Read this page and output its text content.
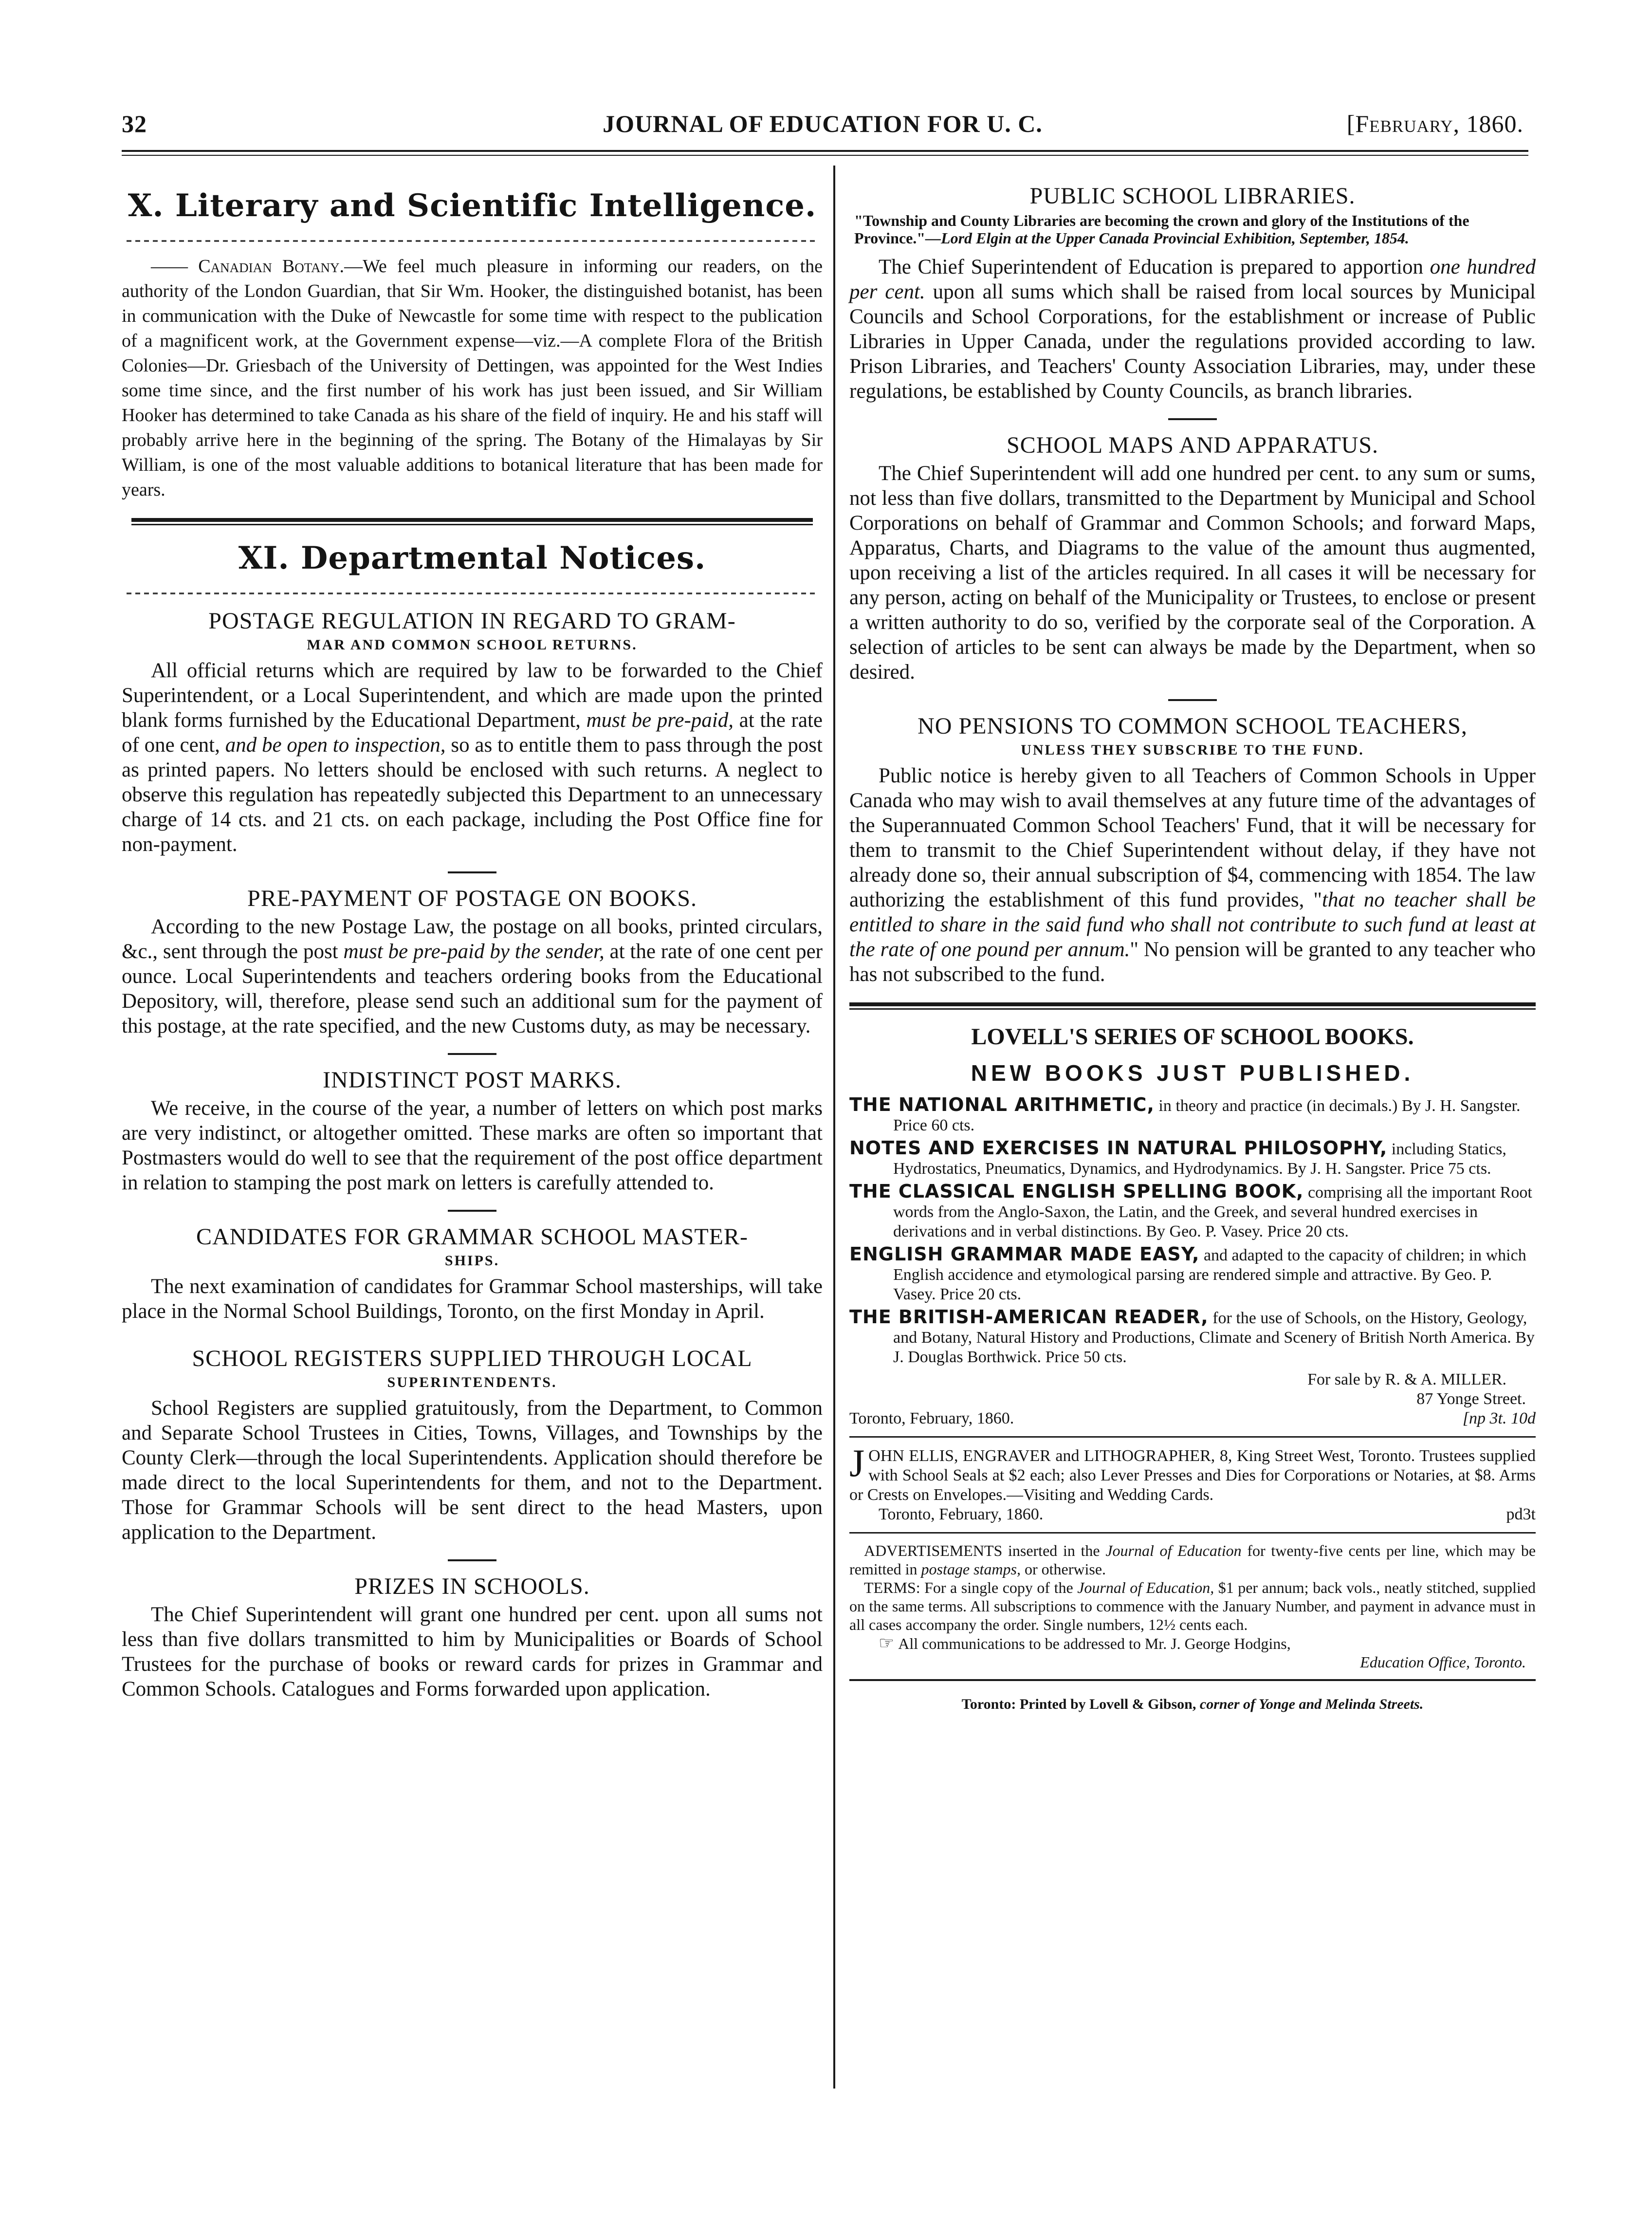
32	JOURNAL OF EDUCATION FOR U. C.	[February, 1860.
X. Literary and Scientific Intelligence.

—— Canadian Botany.—We feel much pleasure in informing our readers, on the authority of the London Guardian, that Sir Wm. Hooker, the distinguished botanist, has been in communication with the Duke of Newcastle for some time with respect to the publication of a magnificent work, at the Government expense—viz.—A complete Flora of the British Colonies—Dr. Griesbach of the University of Dettingen, was appointed for the West Indies some time since, and the first number of his work has just been issued, and Sir William Hooker has determined to take Canada as his share of the field of inquiry. He and his staff will probably arrive here in the beginning of the spring. The Botany of the Himalayas by Sir William, is one of the most valuable additions to botanical literature that has been made for years.

XI. Departmental Notices.
POSTAGE REGULATION IN REGARD TO GRAM-
MAR AND COMMON SCHOOL RETURNS.

All official returns which are required by law to be forwarded to the Chief Superintendent, or a Local Superintendent, and which are made upon the printed blank forms furnished by the Educational Department, must be pre-paid, at the rate of one cent, and be open to inspection, so as to entitle them to pass through the post as printed papers. No letters should be enclosed with such returns. A neglect to observe this regulation has repeatedly subjected this Department to an unnecessary charge of 14 cts. and 21 cts. on each package, including the Post Office fine for non-payment.

PRE-PAYMENT OF POSTAGE ON BOOKS.

According to the new Postage Law, the postage on all books, printed circulars, &c., sent through the post must be pre-paid by the sender, at the rate of one cent per ounce. Local Superintendents and teachers ordering books from the Educational Depository, will, therefore, please send such an additional sum for the payment of this postage, at the rate specified, and the new Customs duty, as may be necessary.

INDISTINCT POST MARKS.

We receive, in the course of the year, a number of letters on which post marks are very indistinct, or altogether omitted. These marks are often so important that Postmasters would do well to see that the requirement of the post office department in relation to stamping the post mark on letters is carefully attended to.

CANDIDATES FOR GRAMMAR SCHOOL MASTER-
SHIPS.

The next examination of candidates for Grammar School masterships, will take place in the Normal School Buildings, Toronto, on the first Monday in April.

SCHOOL REGISTERS SUPPLIED THROUGH LOCAL
SUPERINTENDENTS.

School Registers are supplied gratuitously, from the Department, to Common and Separate School Trustees in Cities, Towns, Villages, and Townships by the County Clerk—through the local Superintendents. Application should therefore be made direct to the local Superintendents for them, and not to the Department. Those for Grammar Schools will be sent direct to the head Masters, upon application to the Department.

PRIZES IN SCHOOLS.

The Chief Superintendent will grant one hundred per cent. upon all sums not less than five dollars transmitted to him by Municipalities or Boards of School Trustees for the purchase of books or reward cards for prizes in Grammar and Common Schools. Catalogues and Forms forwarded upon application.

PUBLIC SCHOOL LIBRARIES.

"Township and County Libraries are becoming the crown and glory of the Institutions of the Province."—Lord Elgin at the Upper Canada Provincial Exhibition, September, 1854.

The Chief Superintendent of Education is prepared to apportion one hundred per cent. upon all sums which shall be raised from local sources by Municipal Councils and School Corporations, for the establishment or increase of Public Libraries in Upper Canada, under the regulations provided according to law. Prison Libraries, and Teachers' County Association Libraries, may, under these regulations, be established by County Councils, as branch libraries.

SCHOOL MAPS AND APPARATUS.

The Chief Superintendent will add one hundred per cent. to any sum or sums, not less than five dollars, transmitted to the Department by Municipal and School Corporations on behalf of Grammar and Common Schools; and forward Maps, Apparatus, Charts, and Diagrams to the value of the amount thus augmented, upon receiving a list of the articles required. In all cases it will be necessary for any person, acting on behalf of the Municipality or Trustees, to enclose or present a written authority to do so, verified by the corporate seal of the Corporation. A selection of articles to be sent can always be made by the Department, when so desired.

NO PENSIONS TO COMMON SCHOOL TEACHERS,
UNLESS THEY SUBSCRIBE TO THE FUND.

Public notice is hereby given to all Teachers of Common Schools in Upper Canada who may wish to avail themselves at any future time of the advantages of the Superannuated Common School Teachers' Fund, that it will be necessary for them to transmit to the Chief Superintendent without delay, if they have not already done so, their annual subscription of $4, commencing with 1854. The law authorizing the establishment of this fund provides, "that no teacher shall be entitled to share in the said fund who shall not contribute to such fund at least at the rate of one pound per annum." No pension will be granted to any teacher who has not subscribed to the fund.

LOVELL'S SERIES OF SCHOOL BOOKS.
NEW BOOKS JUST PUBLISHED.

THE NATIONAL ARITHMETIC, in theory and practice (in decimals.) By J. H. Sangster. Price 60 cts.

NOTES AND EXERCISES IN NATURAL PHILOSOPHY, including Statics, Hydrostatics, Pneumatics, Dynamics, and Hydrodynamics. By J. H. Sangster. Price 75 cts.

THE CLASSICAL ENGLISH SPELLING BOOK, comprising all the important Root words from the Anglo-Saxon, the Latin, and the Greek, and several hundred exercises in derivations and in verbal distinctions. By Geo. P. Vasey. Price 20 cts.

ENGLISH GRAMMAR MADE EASY, and adapted to the capacity of children; in which English accidence and etymological parsing are rendered simple and attractive. By Geo. P. Vasey. Price 20 cts.

THE BRITISH-AMERICAN READER, for the use of Schools, on the History, Geology, and Botany, Natural History and Productions, Climate and Scenery of British North America. By J. Douglas Borthwick. Price 50 cts.

For sale by R. & A. MILLER.
87 Yonge Street.
Toronto, February, 1860.	[np 3t. 10d

JOHN ELLIS, ENGRAVER and LITHOGRAPHER, 8, King Street West, Toronto. Trustees supplied with School Seals at $2 each; also Lever Presses and Dies for Corporations or Notaries, at $8. Arms or Crests on Envelopes.—Visiting and Wedding Cards.

Toronto, February, 1860.	pd3t

ADVERTISEMENTS inserted in the Journal of Education for twenty-five cents per line, which may be remitted in postage stamps, or otherwise.

TERMS: For a single copy of the Journal of Education, $1 per annum; back vols., neatly stitched, supplied on the same terms. All subscriptions to commence with the January Number, and payment in advance must in all cases accompany the order. Single numbers, 12½ cents each.

☞ All communications to be addressed to Mr. J. George Hodgins,

Education Office, Toronto.

Toronto: Printed by Lovell & Gibson, corner of Yonge and Melinda Streets.
